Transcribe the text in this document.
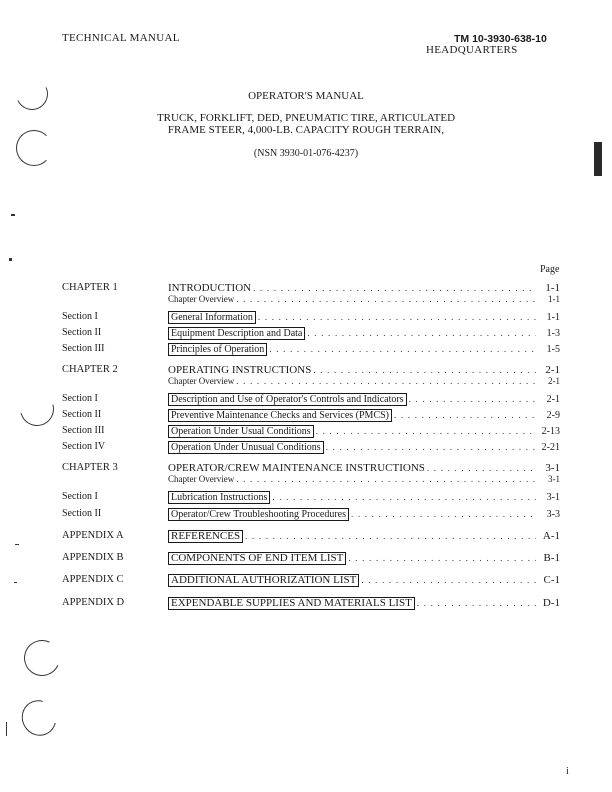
TECHNICAL MANUAL	TM 10-3930-638-10
HEADQUARTERS
OPERATOR'S MANUAL
TRUCK, FORKLIFT, DED, PNEUMATIC TIRE, ARTICULATED
FRAME STEER, 4,000-LB. CAPACITY ROUGH TERRAIN,
(NSN 3930-01-076-4237)
Page
CHAPTER 1	INTRODUCTION . . .	1-1
Chapter Overview . . .	1-1
Section I	General Information . . .	1-1
Section II	Equipment Description and Data . . .	1-3
Section III	Principles of Operation . . .	1-5
CHAPTER 2	OPERATING INSTRUCTIONS . . .	2-1
Chapter Overview . . .	2-1
Section I	Description and Use of Operator's Controls and Indicators . . .	2-1
Section II	Preventive Maintenance Checks and Services (PMCS) . . .	2-9
Section III	Operation Under Usual Conditions . . .	2-13
Section IV	Operation Under Unusual Conditions . . .	2-21
CHAPTER 3	OPERATOR/CREW MAINTENANCE INSTRUCTIONS . . .	3-1
Chapter Overview . . .	3-1
Section I	Lubrication Instructions . . .	3-1
Section II	Operator/Crew Troubleshooting Procedures . . .	3-3
APPENDIX A	REFERENCES . . .	A-1
APPENDIX B	COMPONENTS OF END ITEM LIST . . .	B-1
APPENDIX C	ADDITIONAL AUTHORIZATION LIST . . .	C-1
APPENDIX D	EXPENDABLE SUPPLIES AND MATERIALS LIST . . .	D-1
i
